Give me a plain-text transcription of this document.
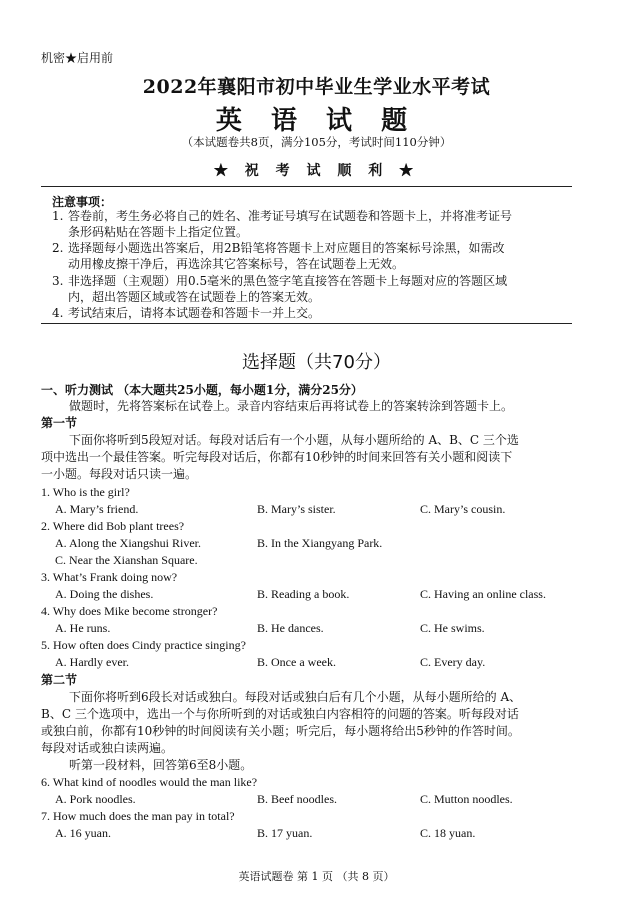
机密★启用前
2022年襄阳市初中毕业生学业水平考试
英 语 试 题
（本试题卷共8页，满分105分，考试时间110分钟）
★ 祝 考 试 顺 利 ★
注意事项：
1. 答卷前，考生务必将自己的姓名、准考证号填写在试题卷和答题卡上，并将准考证号
条形码粘贴在答题卡上指定位置。
2. 选择题每小题选出答案后，用2B铅笔将答题卡上对应题目的答案标号涂黑，如需改
动用橡皮擦干净后，再选涂其它答案标号，答在试题卷上无效。
3. 非选择题（主观题）用0.5毫米的黑色签字笔直接答在答题卡上每题对应的答题区域
内，超出答题区域或答在试题卷上的答案无效。
4. 考试结束后，请将本试题卷和答题卡一并上交。
选择题（共70分）
一、听力测试 （本大题共25小题，每小题1分，满分25分）
做题时，先将答案标在试卷上。录音内容结束后再将试卷上的答案转涂到答题卡上。
第一节
下面你将听到5段短对话。每段对话后有一个小题，从每小题所给的 A、B、C 三个选
项中选出一个最佳答案。听完每段对话后，你都有10秒钟的时间来回答有关小题和阅读下
一小题。每段对话只读一遍。
1. Who is the girl?
A. Mary’s friend.	B. Mary’s sister.	C. Mary’s cousin.
2. Where did Bob plant trees?
A. Along the Xiangshui River.	B. In the Xiangyang Park.
C. Near the Xianshan Square.
3. What’s Frank doing now?
A. Doing the dishes.	B. Reading a book.	C. Having an online class.
4. Why does Mike become stronger?
A. He runs.	B. He dances.	C. He swims.
5. How often does Cindy practice singing?
A. Hardly ever.	B. Once a week.	C. Every day.
第二节
下面你将听到6段长对话或独白。每段对话或独白后有几个小题，从每小题所给的 A、
B、C 三个选项中，选出一个与你所听到的对话或独白内容相符的问题的答案。听每段对话
或独白前，你都有10秒钟的时间阅读有关小题；听完后，每小题将给出5秒钟的作答时间。
每段对话或独白读两遍。
听第一段材料，回答第6至8小题。
6. What kind of noodles would the man like?
A. Pork noodles.	B. Beef noodles.	C. Mutton noodles.
7. How much does the man pay in total?
A. 16 yuan.	B. 17 yuan.	C. 18 yuan.
英语试题卷 第 1 页 （共 8 页）
